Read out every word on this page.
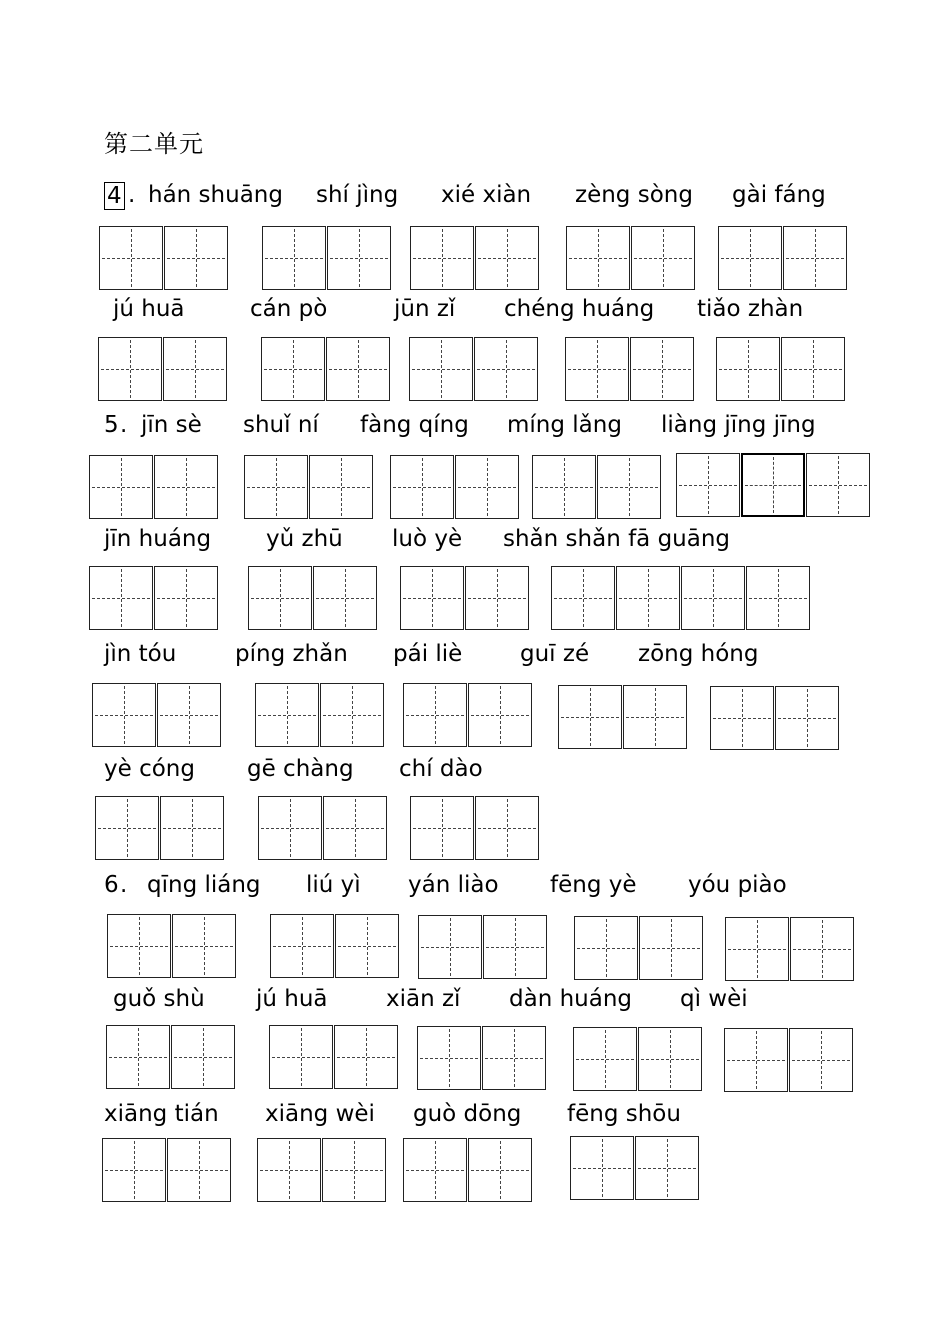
第二单元
4 . hán shuāng shí jìng xié xiàn zèng sòng gài fáng
jú huā	cán pò	jūn zǐ chéng huáng tiǎo zhàn
5 . jīn sè shuǐ ní fàng qíng míng lǎng liàng jīng jīng
jīn huáng yǔ zhū luò yè shǎn shǎn fā guāng
jìn tóu	píng zhǎn pái liè	guī zé zōng hóng
yè cóng gē chàng chí dào
6 . qīng liáng liú yì yán liào fēng yè yóu piào
guǒ shù jú huā	xiān zǐ dàn huáng qì wèi
xiāng tián xiāng wèi guò dōng fēng shōu
